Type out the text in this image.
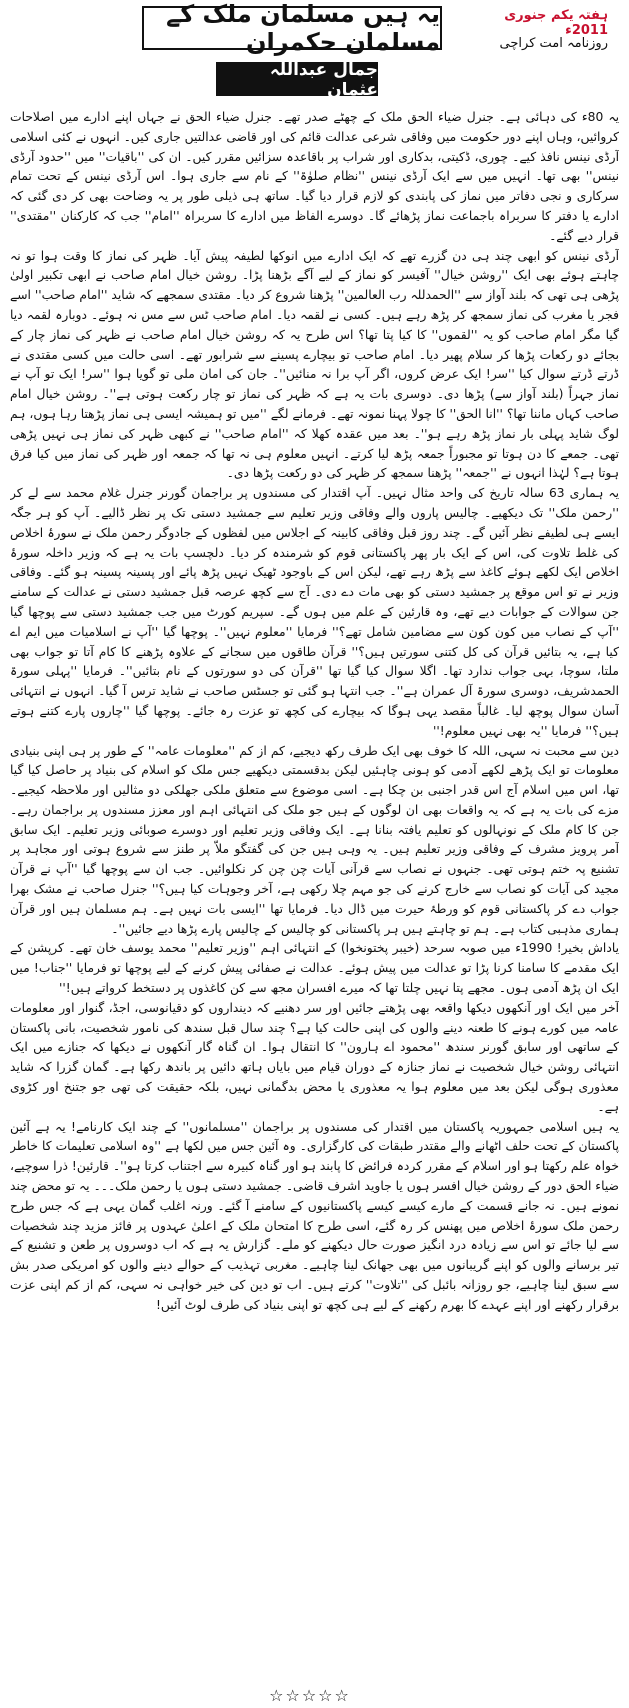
ہفتہ یکم جنوری 2011ء
روزنامہ امت کراچی
یہ ہیں مسلمان ملک کے مسلمان حکمران
جمال عبداللہ عثمان

یہ 80ء کی دہائی ہے۔ جنرل ضیاء الحق ملک کے چھٹے صدر تھے۔ جنرل ضیاء الحق نے جہاں اپنے ادارے میں اصلاحات کروائیں، وہاں اپنے دور حکومت میں وفاقی شرعی عدالت قائم کی اور قاضی عدالتیں جاری کیں۔ انہوں نے کئی اسلامی آرڈی نینس نافذ کیے۔ چوری، ڈکیتی، بدکاری اور شراب پر باقاعدہ سزائیں مقرر کیں۔ ان کی ''باقیات'' میں ''حدود آرڈی نینس'' بھی تھا۔ انہیں میں سے ایک آرڈی نینس ''نظام صلوٰۃ'' کے نام سے جاری ہوا۔ اس آرڈی نینس کے تحت تمام سرکاری و نجی دفاتر میں نماز کی پابندی کو لازم قرار دیا گیا۔ ساتھ ہی ذیلی طور پر یہ وضاحت بھی کر دی گئی کہ ادارے یا دفتر کا سربراہ باجماعت نماز پڑھائے گا۔ دوسرے الفاظ میں ادارے کا سربراہ ''امام'' جب کہ کارکنان ''مقتدی'' قرار دیے گئے۔

آرڈی نینس کو ابھی چند ہی دن گزرے تھے کہ ایک ادارے میں انوکھا لطیفہ پیش آیا۔ ظہر کی نماز کا وقت ہوا تو نہ چاہتے ہوئے بھی ایک ''روشن خیال'' آفیسر کو نماز کے لیے آگے بڑھنا پڑا۔ روشن خیال امام صاحب نے ابھی تکبیر اولیٰ پڑھی ہی تھی کہ بلند آواز سے ''الحمدللہ رب العالمین'' پڑھنا شروع کر دیا۔ مقتدی سمجھے کہ شاید ''امام صاحب'' اسے فجر یا مغرب کی نماز سمجھ کر پڑھ رہے ہیں۔ کسی نے لقمہ دیا۔ امام صاحب ٹس سے مس نہ ہوئے۔ دوبارہ لقمہ دیا گیا مگر امام صاحب کو یہ ''لقموں'' کا کیا پتا تھا؟ اس طرح یہ کہ روشن خیال امام صاحب نے ظہر کی نماز چار کے بجائے دو رکعات پڑھا کر سلام پھیر دیا۔ امام صاحب تو بیچارے پسینے سے شرابور تھے۔ اسی حالت میں کسی مقتدی نے ڈرتے ڈرتے سوال کیا ''سر! ایک عرض کروں، اگر آپ برا نہ منائیں''۔ جان کی امان ملی تو گویا ہوا ''سر! ایک تو آپ نے نماز جہراً (بلند آواز سے) پڑھا دی۔ دوسری بات یہ ہے کہ ظہر کی نماز تو چار رکعت ہوتی ہے''۔ روشن خیال امام صاحب کہاں ماننا تھا؟ ''انا الحق'' کا چولا پہنا نمونہ تھے۔ فرمانے لگے ''میں تو ہمیشہ ایسی ہی نماز پڑھتا رہا ہوں، ہم لوگ شاید پہلی بار نماز پڑھ رہے ہو''۔ بعد میں عقدہ کھلا کہ ''امام صاحب'' نے کبھی ظہر کی نماز ہی نہیں پڑھی تھی۔ جمعے کا دن ہوتا تو مجبوراً جمعہ پڑھ لیا کرتے۔ انہیں معلوم ہی نہ تھا کہ جمعہ اور ظہر کی نماز میں کیا فرق ہوتا ہے؟ لہٰذا انہوں نے ''جمعہ'' پڑھنا سمجھ کر ظہر کی دو رکعت پڑھا دی۔

یہ ہماری 63 سالہ تاریخ کی واحد مثال نہیں۔ آپ اقتدار کی مسندوں پر براجمان گورنر جنرل غلام محمد سے لے کر ''رحمن ملک'' تک دیکھیے۔ چالیس پاروں والے وفاقی وزیر تعلیم سے جمشید دستی تک پر نظر ڈالیے۔ آپ کو ہر جگہ ایسے ہی لطیفے نظر آئیں گے۔ چند روز قبل وفاقی کابینہ کے اجلاس میں لفظوں کے جادوگر رحمن ملک نے سورۂ اخلاص کی غلط تلاوت کی، اس کے ایک بار پھر پاکستانی قوم کو شرمندہ کر دیا۔ دلچسپ بات یہ ہے کہ وزیر داخلہ سورۂ اخلاص ایک لکھے ہوئے کاغذ سے پڑھ رہے تھے، لیکن اس کے باوجود ٹھیک نہیں پڑھ پائے اور پسینہ پسینہ ہو گئے۔ وفاقی وزیر نے تو اس موقع پر جمشید دستی کو بھی مات دے دی۔ آج سے کچھ عرصہ قبل جمشید دستی نے عدالت کے سامنے جن سوالات کے جوابات دیے تھے، وہ قارئین کے علم میں ہوں گے۔ سپریم کورٹ میں جب جمشید دستی سے پوچھا گیا ''آپ کے نصاب میں کون کون سے مضامین شامل تھے؟'' فرمایا ''معلوم نہیں''۔ پوچھا گیا ''آپ نے اسلامیات میں ایم اے کیا ہے، یہ بتائیں قرآن کی کل کتنی سورتیں ہیں؟'' قرآن طاقوں میں سجانے کے علاوہ پڑھنے کا کام آتا تو جواب بھی ملتا، سوچا، بہی جواب ندارد تھا۔ اگلا سوال کیا گیا تھا ''قرآن کی دو سورتوں کے نام بتائیں''۔ فرمایا ''پہلی سورۃ الحمدشریف، دوسری سورۃ آل عمران ہے''۔ جب انتہا ہو گئی تو جسٹس صاحب نے شاید ترس آ گیا۔ انہوں نے انتہائی آسان سوال پوچھ لیا۔ غالباً مقصد یہی ہوگا کہ بیچارے کی کچھ تو عزت رہ جائے۔ پوچھا گیا ''چاروں پارے کتنے ہوتے ہیں؟'' فرمایا ''یہ بھی نہیں معلوم!''

دین سے محبت نہ سہی، اللہ کا خوف بھی ایک طرف رکھ دیجیے، کم از کم ''معلومات عامہ'' کے طور پر ہی اپنی بنیادی معلومات تو ایک پڑھے لکھے آدمی کو ہونی چاہئیں لیکن بدقسمتی دیکھیے جس ملک کو اسلام کی بنیاد پر حاصل کیا گیا تھا، اس میں اسلام آج اس قدر اجنبی بن چکا ہے۔ اسی موضوع سے متعلق ملکی جھلکی دو مثالیں اور ملاحظہ کیجیے۔ مزے کی بات یہ ہے کہ یہ واقعات بھی ان لوگوں کے ہیں جو ملک کی انتہائی اہم اور معزز مسندوں پر براجمان رہے۔ جن کا کام ملک کے نونہالوں کو تعلیم یافتہ بنانا ہے۔ ایک وفاقی وزیر تعلیم اور دوسرے صوبائی وزیر تعلیم۔ ایک سابق آمر پرویز مشرف کے وفاقی وزیر تعلیم ہیں۔ یہ وہی ہیں جن کی گفتگو ملاّ پر طنز سے شروع ہوتی اور مجاہد پر تشنیع پہ ختم ہوتی تھی۔ جنہوں نے نصاب سے قرآنی آیات چن چن کر نکلوائیں۔ جب ان سے پوچھا گیا ''آپ نے قرآن مجید کی آیات کو نصاب سے خارج کرنے کی جو مہم چلا رکھی ہے، آخر وجوہات کیا ہیں؟'' جنرل صاحب نے مشک بھرا جواب دے کر پاکستانی قوم کو ورطۂ حیرت میں ڈال دیا۔ فرمایا تھا ''ایسی بات نہیں ہے۔ ہم مسلمان ہیں اور قرآن ہماری مذہبی کتاب ہے۔ ہم تو چاہتے ہیں ہر پاکستانی کو چالیس کے چالیس پارے پڑھا دیے جائیں''۔

یاداش بخیر! 1990ء میں صوبہ سرحد (خیبر پختونخوا) کے انتہائی اہم ''وزیر تعلیم'' محمد یوسف خان تھے۔ کرپشن کے ایک مقدمے کا سامنا کرنا پڑا تو عدالت میں پیش ہوئے۔ عدالت نے صفائی پیش کرنے کے لیے پوچھا تو فرمایا ''جناب! میں ایک ان پڑھ آدمی ہوں۔ مجھے پتا نہیں چلتا تھا کہ میرے افسران مجھ سے کن کاغذوں پر دستخط کرواتے ہیں!''

آخر میں ایک اور آنکھوں دیکھا واقعہ بھی پڑھتے جائیں اور سر دھنیے کہ دینداروں کو دقیانوسی، اجڈ، گنوار اور معلومات عامہ میں کورے ہونے کا طعنہ دینے والوں کی اپنی حالت کیا ہے؟ چند سال قبل سندھ کی نامور شخصیت، بانی پاکستان کے ساتھی اور سابق گورنر سندھ ''محمود اے ہارون'' کا انتقال ہوا۔ ان گناہ گار آنکھوں نے دیکھا کہ جنازے میں ایک انتہائی روشن خیال شخصیت نے نماز جنازہ کے دوران قیام میں بایاں ہاتھ دائیں پر باندھ رکھا ہے۔ گمان گزرا کہ شاید معذوری ہوگی لیکن بعد میں معلوم ہوا یہ معذوری یا محض بدگمانی نہیں، بلکہ حقیقت کی تھی جو جتنخ اور کڑوی ہے۔

یہ ہیں اسلامی جمہوریہ پاکستان میں اقتدار کی مسندوں پر براجمان ''مسلمانوں'' کے چند ایک کارنامے! یہ ہے آئین پاکستان کے تحت حلف اٹھانے والے مقتدر طبقات کی کارگزاری۔ وہ آئین جس میں لکھا ہے ''وہ اسلامی تعلیمات کا خاطر خواہ علم رکھتا ہو اور اسلام کے مقرر کردہ فرائض کا پابند ہو اور گناہ کبیرہ سے اجتناب کرتا ہو''۔ قارئین! ذرا سوچیے، ضیاء الحق دور کے روشن خیال افسر ہوں یا جاوید اشرف قاضی۔ جمشید دستی ہوں یا رحمن ملک۔۔۔ یہ تو محض چند نمونے ہیں۔ نہ جانے قسمت کے مارے کیسے کیسے پاکستانیوں کے سامنے آ گئے۔ ورنہ اغلب گمان یہی ہے کہ جس طرح رحمن ملک سورۂ اخلاص میں پھنس کر رہ گئے، اسی طرح کا امتحان ملک کے اعلیٰ عہدوں پر فائز مزید چند شخصیات سے لیا جائے تو اس سے زیادہ درد انگیز صورت حال دیکھنے کو ملے۔ گزارش یہ ہے کہ اب دوسروں پر طعن و تشنیع کے تیر برسانے والوں کو اپنے گریبانوں میں بھی جھانک لینا چاہیے۔ مغربی تہذیب کے حوالے دینے والوں کو امریکی صدر بش سے سبق لینا چاہیے، جو روزانہ بائبل کی ''تلاوت'' کرتے ہیں۔ اب تو دین کی خیر خواہی نہ سہی، کم از کم اپنی عزت برقرار رکھنے اور اپنے عہدے کا بھرم رکھنے کے لیے ہی کچھ تو اپنی بنیاد کی طرف لوٹ آئیں!

☆☆☆☆☆
